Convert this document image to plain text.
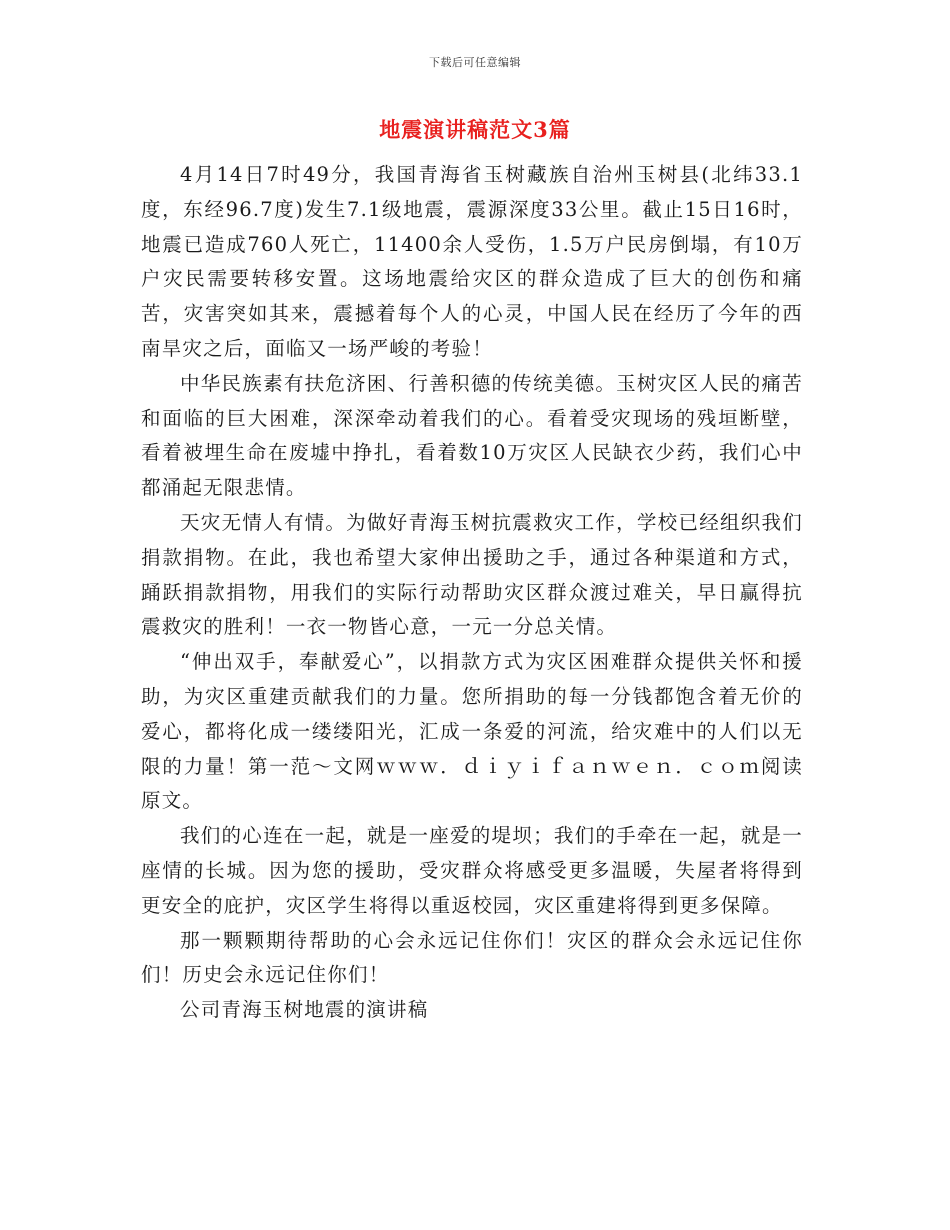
下载后可任意编辑
地震演讲稿范文3篇

4月14日7时49分，我国青海省玉树藏族自治州玉树县(北纬33.1度，东经96.7度)发生7.1级地震，震源深度33公里。截止15日16时，地震已造成760人死亡，11400余人受伤，1.5万户民房倒塌，有10万户灾民需要转移安置。这场地震给灾区的群众造成了巨大的创伤和痛苦，灾害突如其来，震撼着每个人的心灵，中国人民在经历了今年的西南旱灾之后，面临又一场严峻的考验！

中华民族素有扶危济困、行善积德的传统美德。玉树灾区人民的痛苦和面临的巨大困难，深深牵动着我们的心。看着受灾现场的残垣断壁，看着被埋生命在废墟中挣扎，看着数10万灾区人民缺衣少药，我们心中都涌起无限悲情。

天灾无情人有情。为做好青海玉树抗震救灾工作，学校已经组织我们捐款捐物。在此，我也希望大家伸出援助之手，通过各种渠道和方式，踊跃捐款捐物，用我们的实际行动帮助灾区群众渡过难关，早日赢得抗震救灾的胜利！一衣一物皆心意，一元一分总关情。

“伸出双手，奉献爱心”，以捐款方式为灾区困难群众提供关怀和援助，为灾区重建贡献我们的力量。您所捐助的每一分钱都饱含着无价的爱心，都将化成一缕缕阳光，汇成一条爱的河流，给灾难中的人们以无限的力量！第一范～文网ｗｗｗ．ｄｉｙｉｆａｎｗｅｎ．ｃｏｍ阅读原文。

我们的心连在一起，就是一座爱的堤坝；我们的手牵在一起，就是一座情的长城。因为您的援助，受灾群众将感受更多温暖，失屋者将得到更安全的庇护，灾区学生将得以重返校园，灾区重建将得到更多保障。

那一颗颗期待帮助的心会永远记住你们！灾区的群众会永远记住你们！历史会永远记住你们！

公司青海玉树地震的演讲稿
